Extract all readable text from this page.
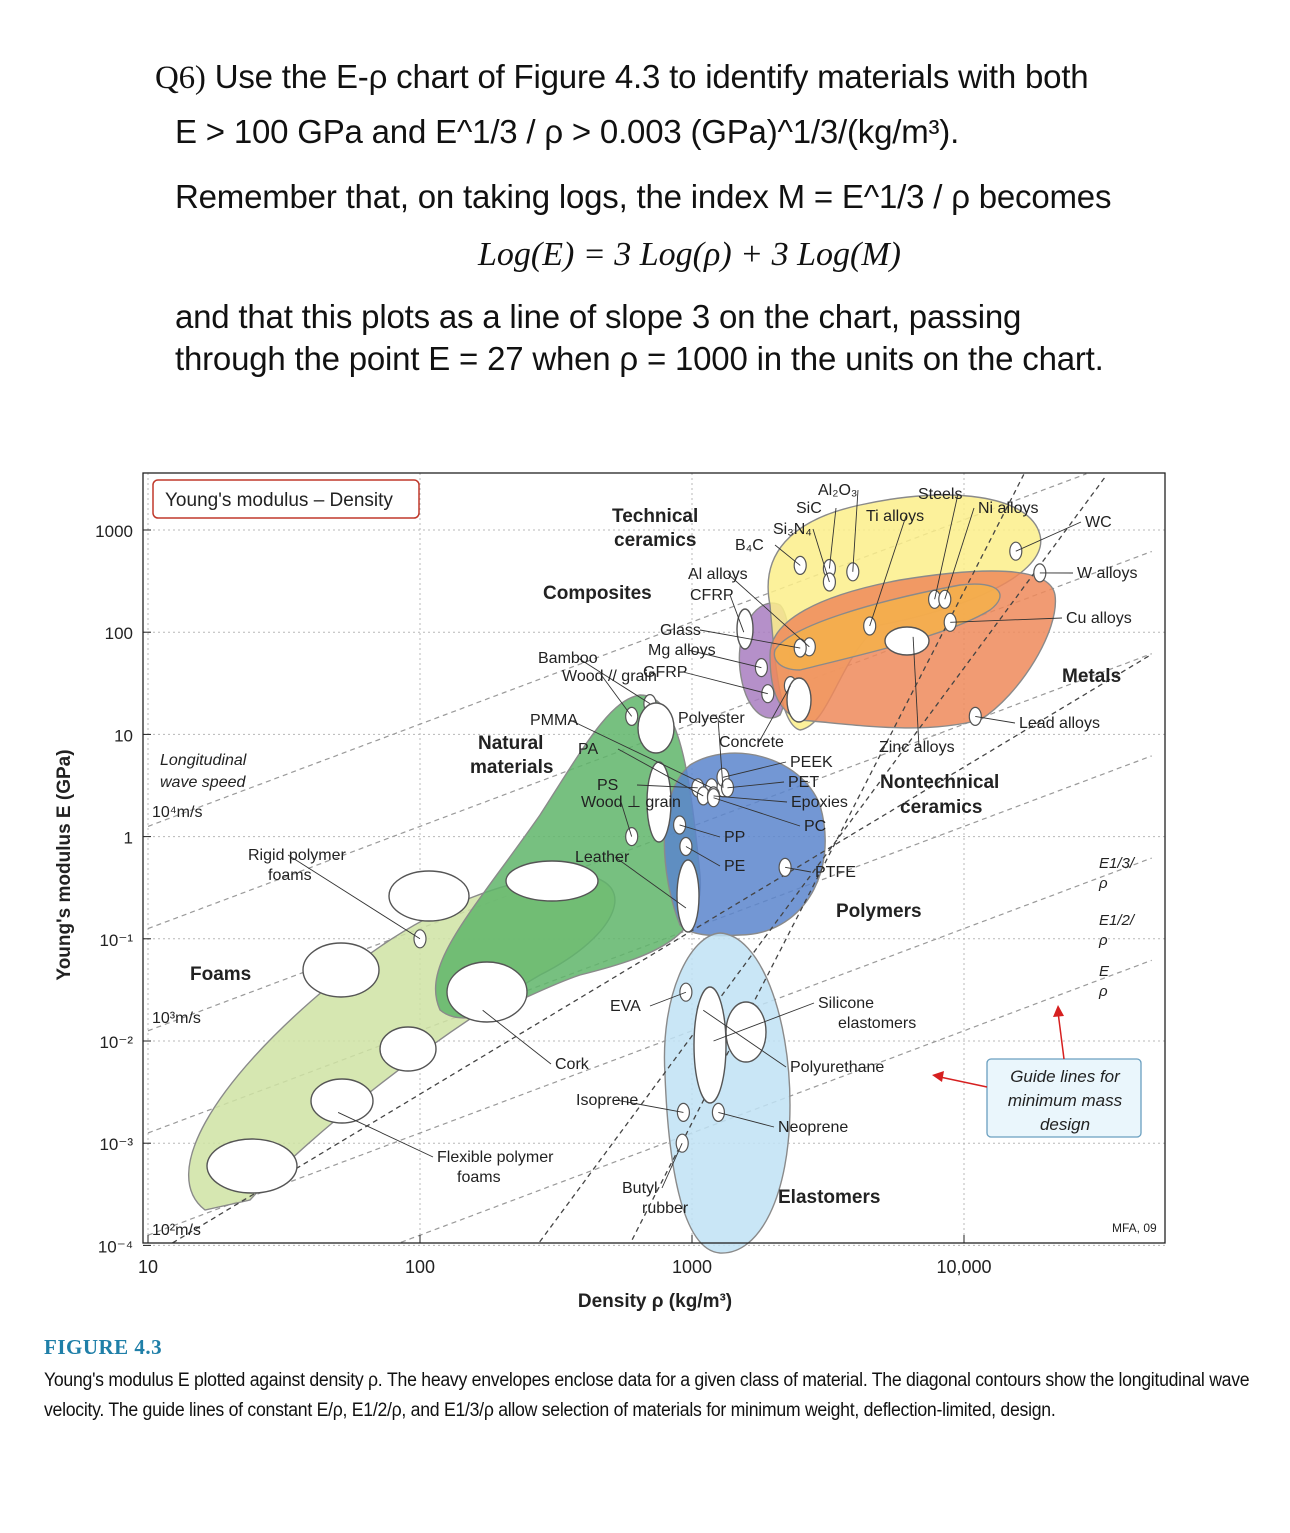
Q6) Use the E-ρ chart of Figure 4.3 to identify materials with both
E > 100 GPa and E^1/3 / ρ > 0.003 (GPa)^1/3/(kg/m³).
Remember that, on taking logs, the index M = E^1/3 / ρ becomes
Log(E) = 3 Log(ρ) + 3 Log(M)
and that this plots as a line of slope 3 on the chart, passing
through the point E = 27 when ρ = 1000 in the units on the chart.
WC
W alloys
Cu alloys
Lead alloys
Steels
Ni alloys
Ti alloys
Al alloys
Mg alloys
Zinc alloys
Al₂O₃
SiC
Si₃N₄
B₄C
CFRP
GFRP
Glass
Concrete
Bamboo
Wood // grain
Wood ⊥ grain
Leather
PMMA
PS
PA
Polyester
PEEK
PET
Epoxies
PC
PP
PE	PTFE
EVA	Silicone
elastomers
Polyurethane
Neoprene
Isoprene
Butyl
rubber
Cork
Rigid polymer
foams
Flexible polymer
foams
Technical
ceramics
Composites
Natural
materials
Metals
Nontechnical
ceramics
Polymers
Foams
Elastomers
Young's modulus – Density
Longitudinal
wave speed
10⁴m/s
10³m/s
10²m/s
E1/3/
ρ
E1/2/
ρ
E
ρ
Guide lines for
minimum mass
design
MFA, 09
10	100	1000	10,000
1000
100
10
1
10⁻¹
10⁻²
10⁻³
10⁻⁴
Density ρ (kg/m³)
Young's modulus E (GPa)
FIGURE 4.3
Young's modulus E plotted against density ρ. The heavy envelopes enclose data for a given class of material. The diagonal contours show the longitudinal wave velocity. The guide lines of constant E/ρ, E1/2/ρ, and E1/3/ρ allow selection of materials for minimum weight, deflection-limited, design.
